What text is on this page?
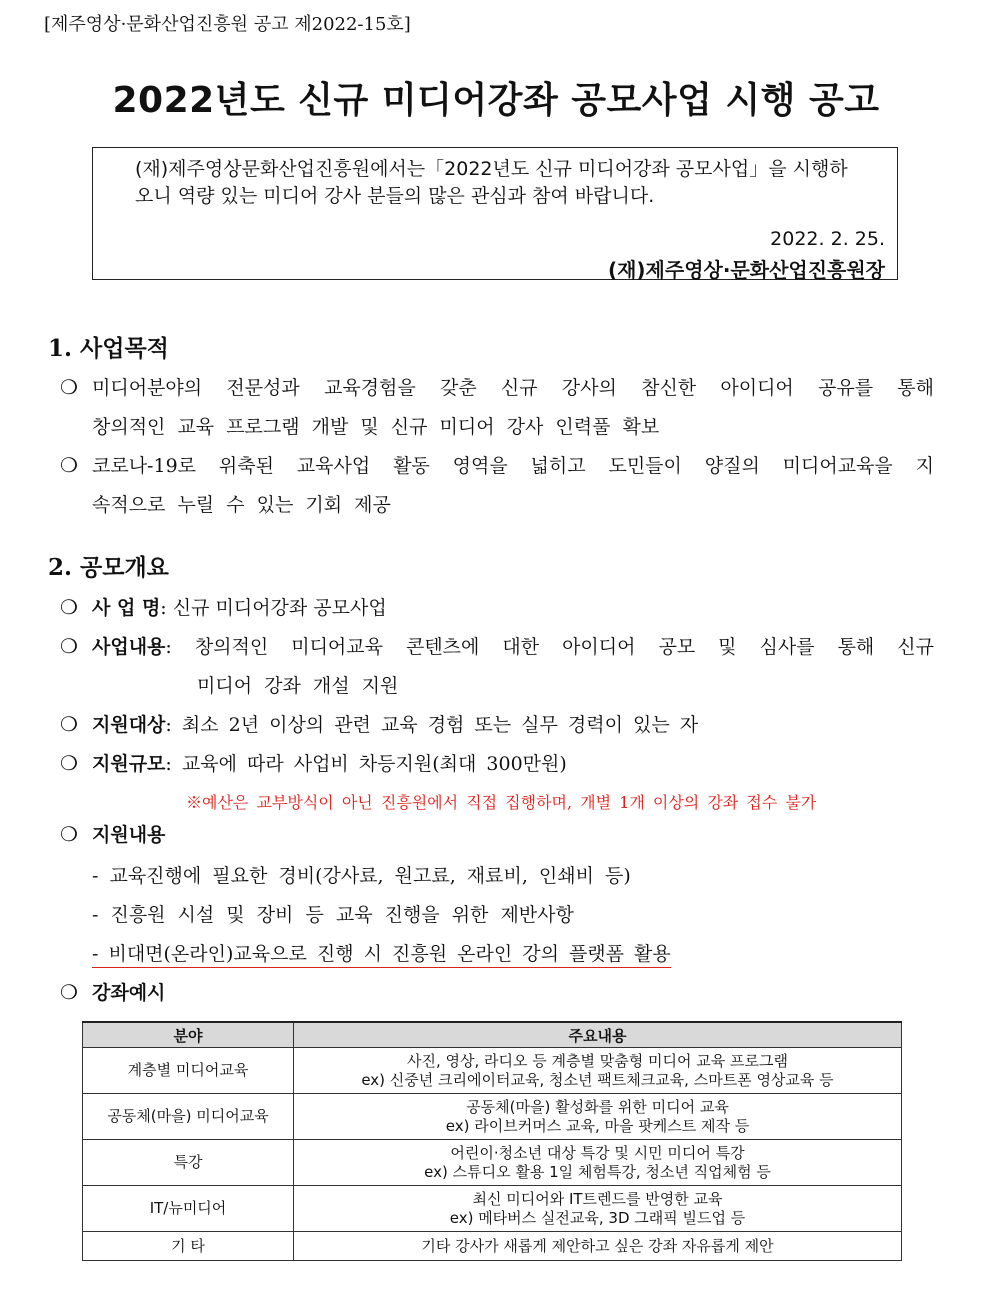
[제주영상·문화산업진흥원 공고 제2022-15호]
2022년도 신규 미디어강좌 공모사업 시행 공고
(재)제주영상문화산업진흥원에서는「2022년도 신규 미디어강좌 공모사업」을 시행하
오니 역량 있는 미디어 강사 분들의 많은 관심과 참여 바랍니다.
2022. 2. 25.
(재)제주영상·문화산업진흥원장
1. 사업목적
❍ 미디어분야의 전문성과 교육경험을 갖춘 신규 강사의 참신한 아이디어 공유를 통해
창의적인 교육 프로그램 개발 및 신규 미디어 강사 인력풀 확보
❍ 코로나-19로 위축된 교육사업 활동 영역을 넓히고 도민들이 양질의 미디어교육을 지
속적으로 누릴 수 있는 기회 제공
2. 공모개요
❍ 사 업 명: 신규 미디어강좌 공모사업
❍ 사업내용: 창의적인 미디어교육 콘텐츠에 대한 아이디어 공모 및 심사를 통해 신규
미디어 강좌 개설 지원
❍ 지원대상: 최소 2년 이상의 관련 교육 경험 또는 실무 경력이 있는 자
❍ 지원규모: 교육에 따라 사업비 차등지원(최대 300만원)
※예산은 교부방식이 아닌 진흥원에서 직접 집행하며, 개별 1개 이상의 강좌 접수 불가
❍ 지원내용
- 교육진행에 필요한 경비(강사료, 원고료, 재료비, 인쇄비 등)
- 진흥원 시설 및 장비 등 교육 진행을 위한 제반사항
- 비대면(온라인)교육으로 진행 시 진흥원 온라인 강의 플랫폼 활용
❍ 강좌예시
분야	주요내용
계층별 미디어교육	사진, 영상, 라디오 등 계층별 맞춤형 미디어 교육 프로그램
ex) 신중년 크리에이터교육, 청소년 팩트체크교육, 스마트폰 영상교육 등

공동체(마을) 미디어교육	공동체(마을) 활성화를 위한 미디어 교육
ex) 라이브커머스 교육, 마을 팟케스트 제작 등

특강	어린이·청소년 대상 특강 및 시민 미디어 특강
ex) 스튜디오 활용 1일 체험특강, 청소년 직업체험 등

IT/뉴미디어	최신 미디어와 IT트렌드를 반영한 교육
ex) 메타버스 실전교육, 3D 그래픽 빌드업 등

기 타	기타 강사가 새롭게 제안하고 싶은 강좌 자유롭게 제안
